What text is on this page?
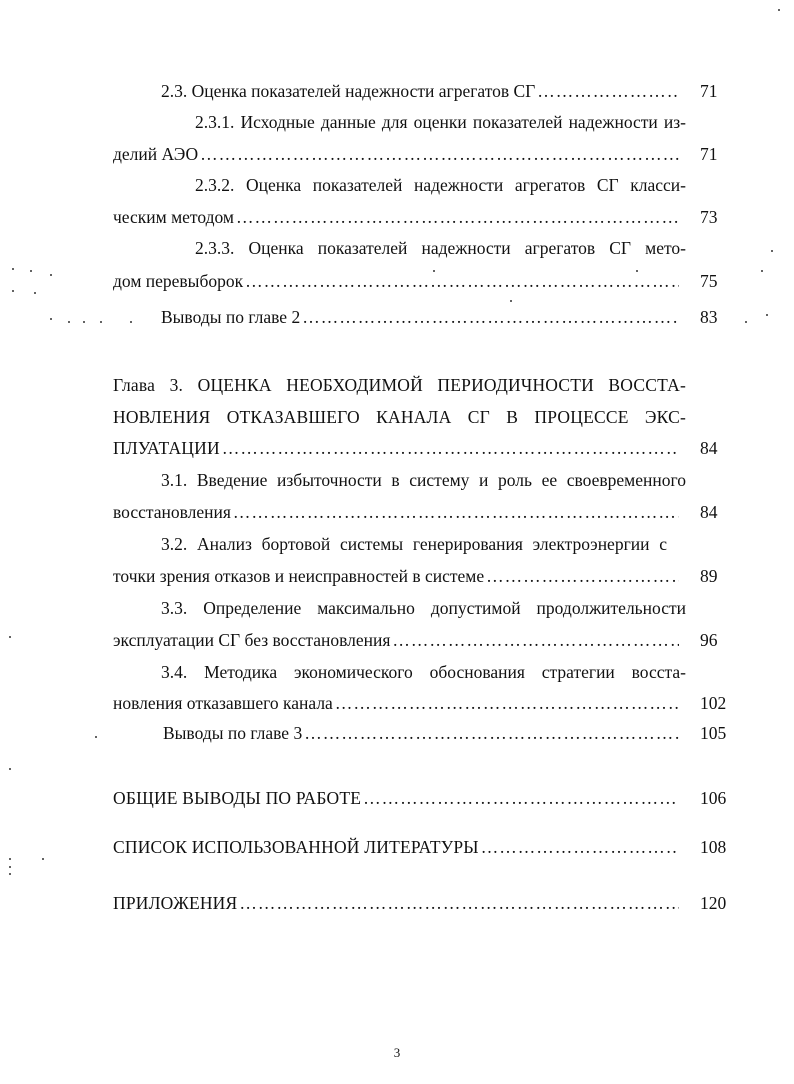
2.3. Оценка показателей надежности агрегатов СГ ……………………………………………………………………………………………………………………………………………………………………	71
2.3.1. Исходные данные для оценки показателей надежности из-
делий АЭО ……………………………………………………………………………………………………………………………………………………………………	71
2.3.2. Оценка показателей надежности агрегатов СГ класси-
ческим методом ……………………………………………………………………………………………………………………………………………………………………	73
2.3.3. Оценка показателей надежности агрегатов СГ мето-
дом перевыборок ……………………………………………………………………………………………………………………………………………………………………	75
Выводы по главе 2 ……………………………………………………………………………………………………………………………………………………………………	83
Глава 3. ОЦЕНКА НЕОБХОДИМОЙ ПЕРИОДИЧНОСТИ ВОССТА-
НОВЛЕНИЯ ОТКАЗАВШЕГО КАНАЛА СГ В ПРОЦЕССЕ ЭКС-
ПЛУАТАЦИИ ……………………………………………………………………………………………………………………………………………………………………	84
3.1. Введение избыточности в систему и роль ее своевременного
восстановления ……………………………………………………………………………………………………………………………………………………………………	84
3.2. Анализ бортовой системы генерирования электроэнергии с
точки зрения отказов и неисправностей в системе ……………………………………………………………………………………………………………………………………………………………………	89
3.3. Определение максимально допустимой продолжительности
эксплуатации СГ без восстановления ……………………………………………………………………………………………………………………………………………………………………	96
3.4. Методика экономического обоснования стратегии восста-
новления отказавшего канала ……………………………………………………………………………………………………………………………………………………………………	102
Выводы по главе 3 ……………………………………………………………………………………………………………………………………………………………………	105
ОБЩИЕ ВЫВОДЫ ПО РАБОТЕ ……………………………………………………………………………………………………………………………………………………………………	106
СПИСОК ИСПОЛЬЗОВАННОЙ ЛИТЕРАТУРЫ ……………………………………………………………………………………………………………………………………………………………………	108
ПРИЛОЖЕНИЯ ……………………………………………………………………………………………………………………………………………………………………	120
3
